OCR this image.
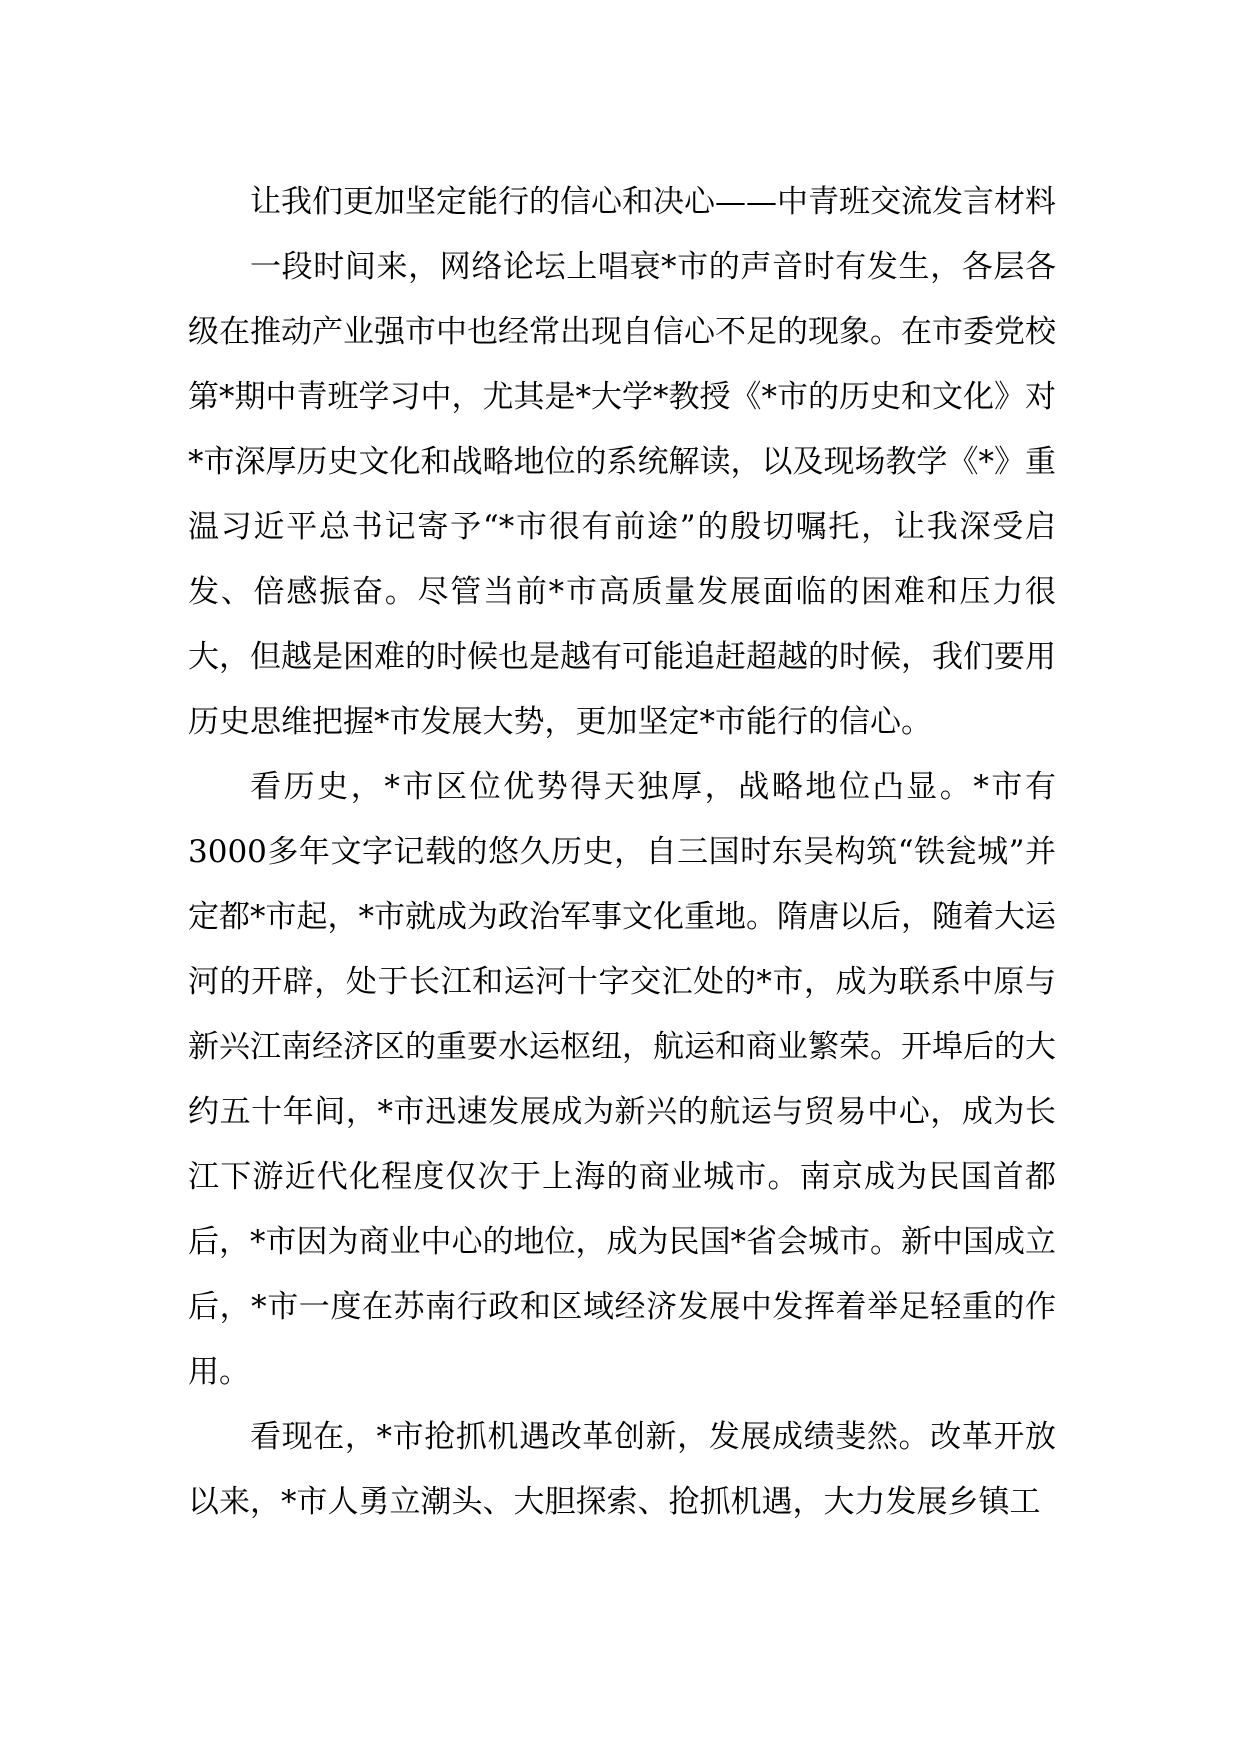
让我们更加坚定能行的信心和决心——中青班交流发言材料

一段时间来，网络论坛上唱衰*市的声音时有发生，各层各级在推动产业强市中也经常出现自信心不足的现象。在市委党校第*期中青班学习中，尤其是*大学*教授《*市的历史和文化》对*市深厚历史文化和战略地位的系统解读，以及现场教学《*》重温习近平总书记寄予“*市很有前途”的殷切嘱托，让我深受启发、倍感振奋。尽管当前*市高质量发展面临的困难和压力很大，但越是困难的时候也是越有可能追赶超越的时候，我们要用历史思维把握*市发展大势，更加坚定*市能行的信心。

看历史，*市区位优势得天独厚，战略地位凸显。*市有3000多年文字记载的悠久历史，自三国时东吴构筑“铁瓮城”并定都*市起，*市就成为政治军事文化重地。隋唐以后，随着大运河的开辟，处于长江和运河十字交汇处的*市，成为联系中原与新兴江南经济区的重要水运枢纽，航运和商业繁荣。开埠后的大约五十年间，*市迅速发展成为新兴的航运与贸易中心，成为长江下游近代化程度仅次于上海的商业城市。南京成为民国首都后，*市因为商业中心的地位，成为民国*省会城市。新中国成立后，*市一度在苏南行政和区域经济发展中发挥着举足轻重的作用。

看现在，*市抢抓机遇改革创新，发展成绩斐然。改革开放以来，*市人勇立潮头、大胆探索、抢抓机遇，大力发展乡镇工
